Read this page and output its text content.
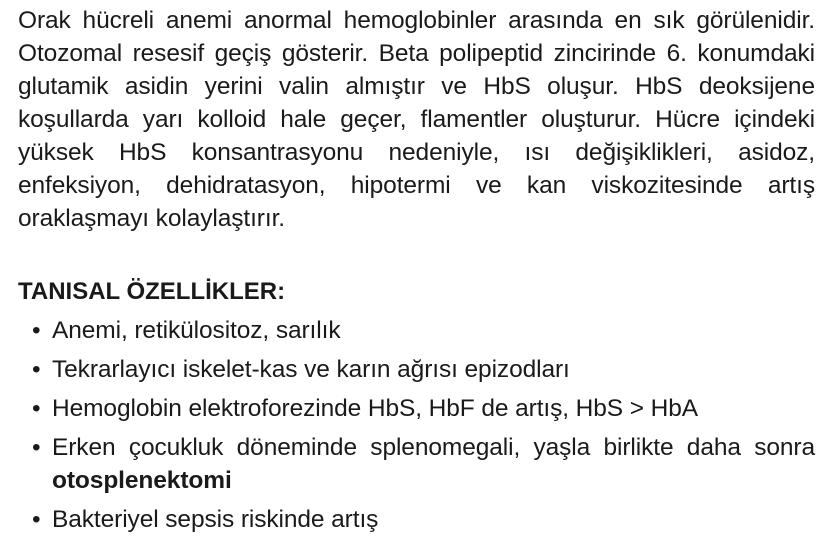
Orak hücreli anemi anormal hemoglobinler arasında en sık görülenidir. Otozomal resesif geçiş gösterir. Beta polipeptid zincirinde 6. konumdaki glutamik asidin yerini valin almıştır ve HbS oluşur. HbS deoksijene koşullarda yarı kolloid hale geçer, flamentler oluşturur. Hücre içindeki yüksek HbS konsantrasyonu nedeniyle, ısı değişiklikleri, asidoz, enfeksiyon, dehidratasyon, hipotermi ve kan viskozitesinde artış oraklaşmayı kolaylaştırır.

TANISAL ÖZELLİKLER:
• Anemi, retikülositoz, sarılık
• Tekrarlayıcı iskelet-kas ve karın ağrısı epizodları
• Hemoglobin elektroforezinde HbS, HbF de artış, HbS > HbA
• Erken çocukluk döneminde splenomegali, yaşla birlikte daha sonra otosplenektomi
• Bakteriyel sepsis riskinde artış
